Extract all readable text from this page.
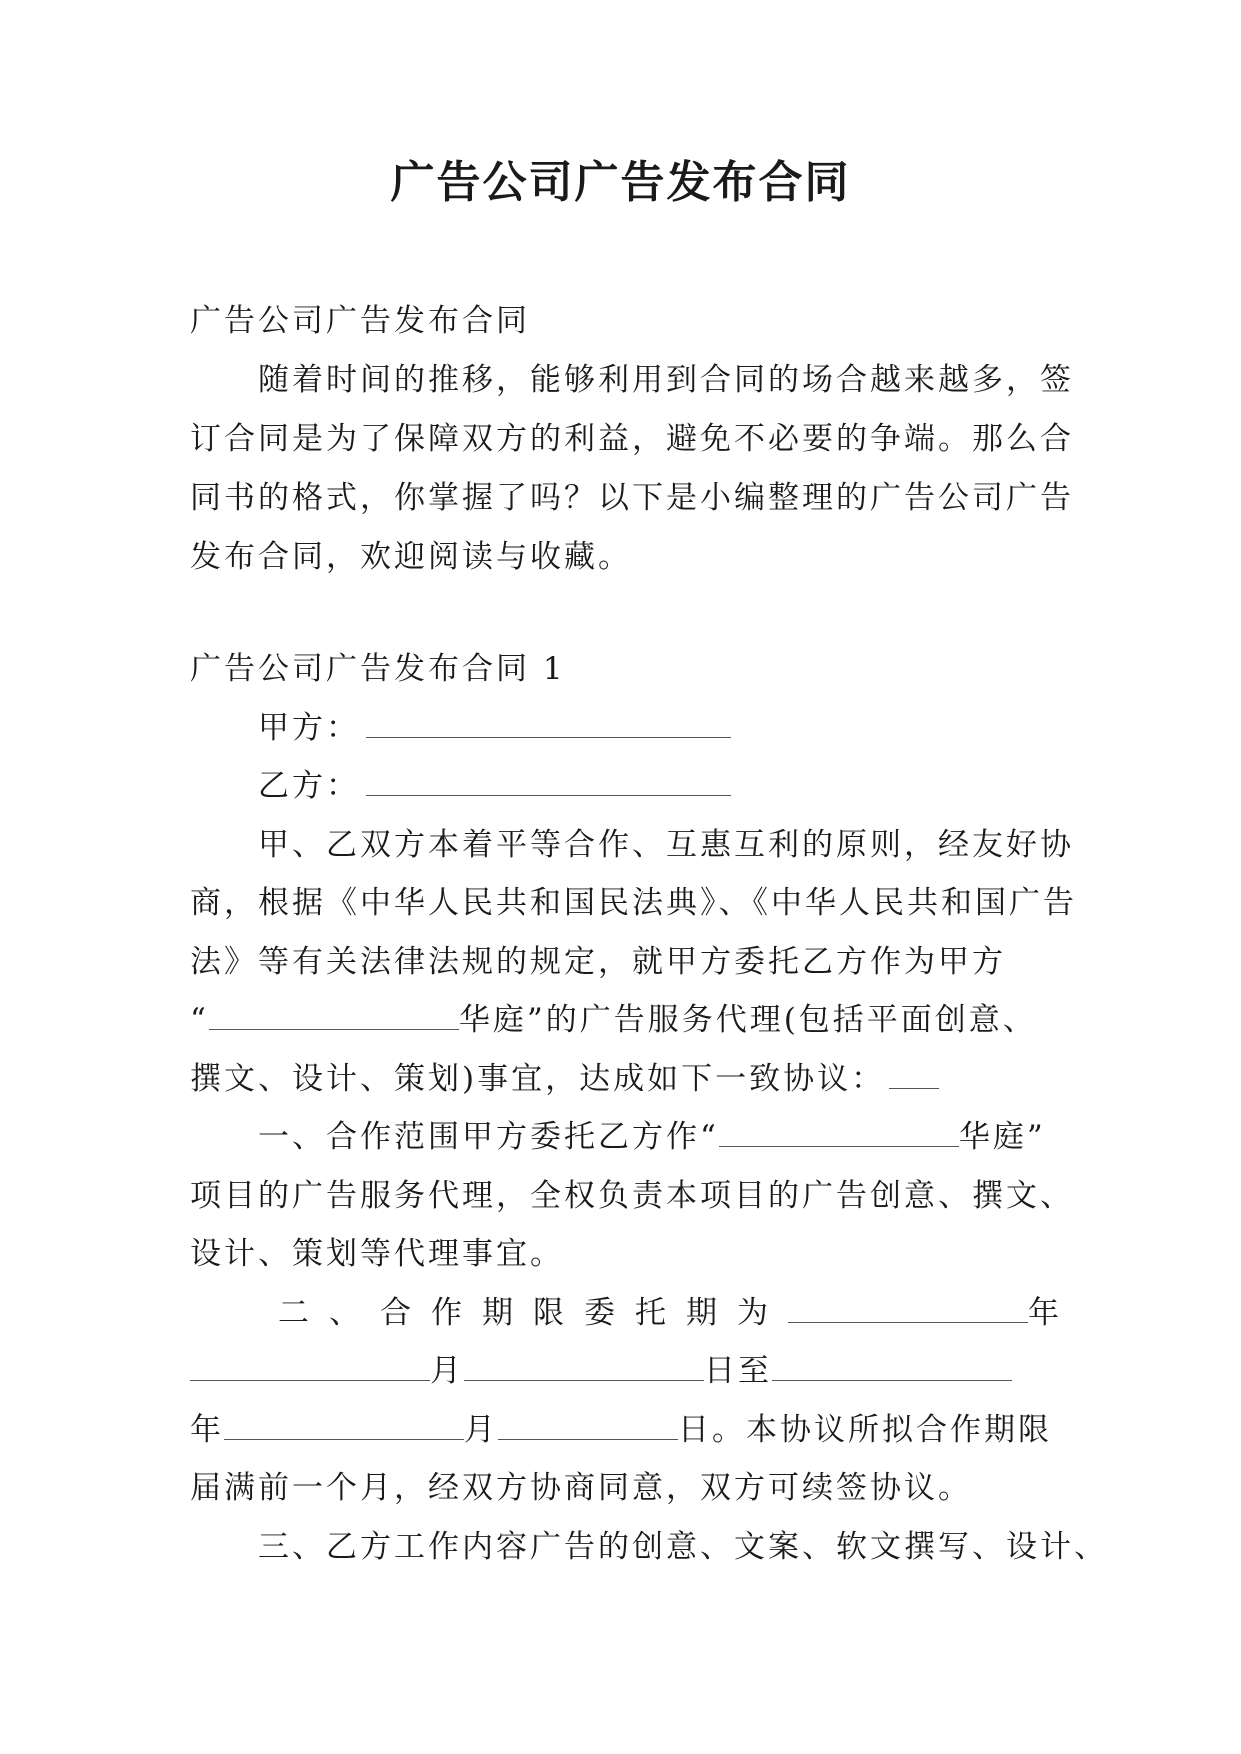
广告公司广告发布合同
广告公司广告发布合同
随着时间的推移，能够利用到合同的场合越来越多，签
订合同是为了保障双方的利益，避免不必要的争端。那么合
同书的格式，你掌握了吗？以下是小编整理的广告公司广告
发布合同，欢迎阅读与收藏。
广告公司广告发布合同 1
甲方：
乙方：
甲、乙双方本着平等合作、互惠互利的原则，经友好协
商，根据《中华人民共和国民法典》、《中华人民共和国广告
法》等有关法律法规的规定，就甲方委托乙方作为甲方
“	华庭”的广告服务代理(包括平面创意、
撰文、设计、策划)事宜，达成如下一致协议：
一、合作范围甲方委托乙方作“	华庭”
项目的广告服务代理，全权负责本项目的广告创意、撰文、
设计、策划等代理事宜。
二、合作期限委托期为	年
月	日至
年	月	日。本协议所拟合作期限
届满前一个月，经双方协商同意，双方可续签协议。
三、乙方工作内容广告的创意、文案、软文撰写、设计、
